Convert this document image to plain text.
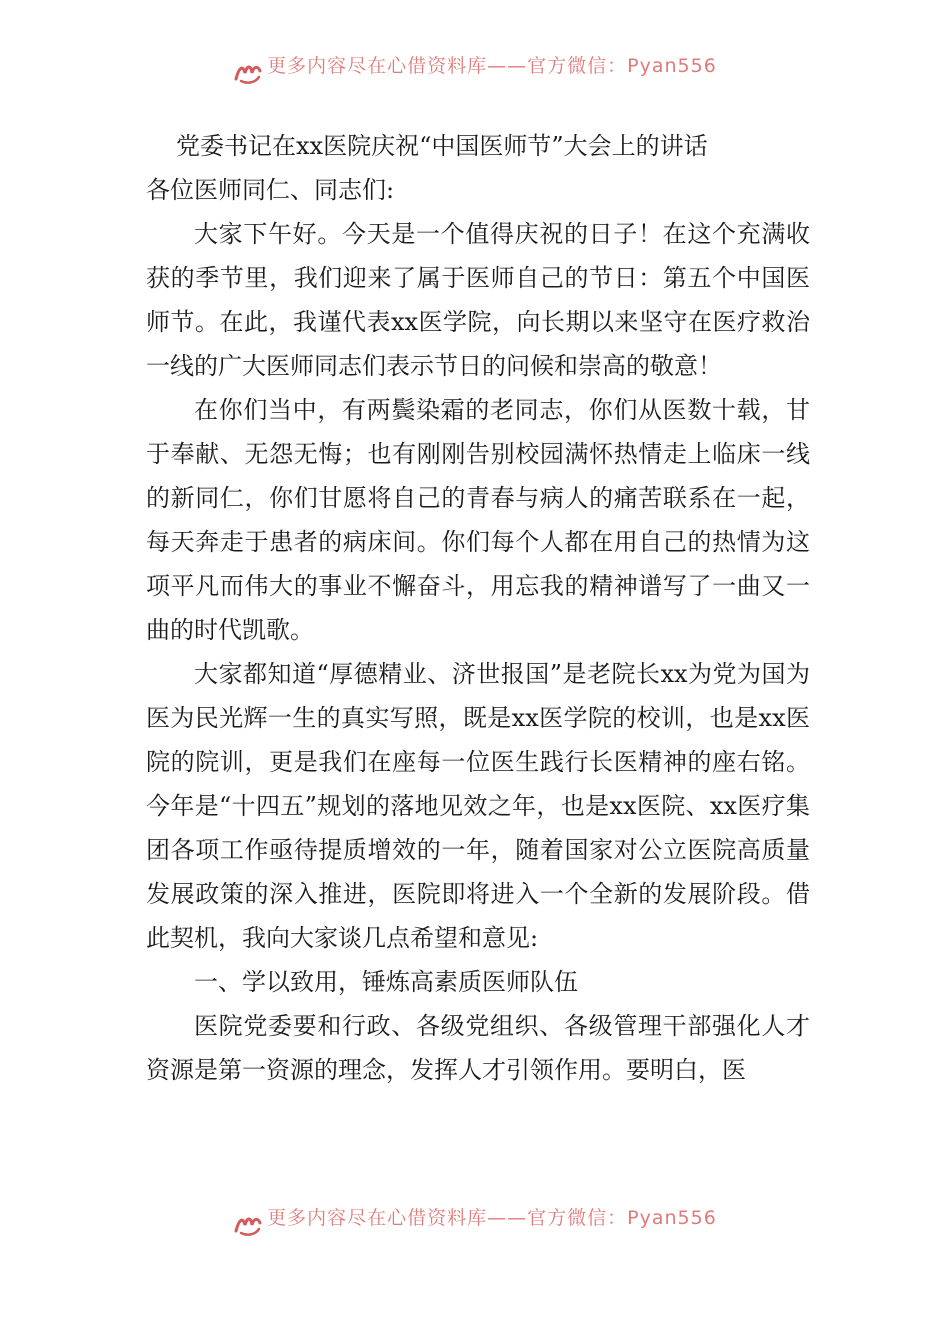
更多内容尽在心借资料库——官方微信：Pyan556

党委书记在xx医院庆祝“中国医师节”大会上的讲话

各位医师同仁、同志们:

大家下午好。今天是一个值得庆祝的日子！在这个充满收获的季节里，我们迎来了属于医师自己的节日：第五个中国医师节。在此，我谨代表xx医学院，向长期以来坚守在医疗救治一线的广大医师同志们表示节日的问候和崇高的敬意！

在你们当中，有两鬓染霜的老同志，你们从医数十载，甘于奉献、无怨无悔；也有刚刚告别校园满怀热情走上临床一线的新同仁，你们甘愿将自己的青春与病人的痛苦联系在一起，每天奔走于患者的病床间。你们每个人都在用自己的热情为这项平凡而伟大的事业不懈奋斗，用忘我的精神谱写了一曲又一曲的时代凯歌。

大家都知道“厚德精业、济世报国”是老院长xx为党为国为医为民光辉一生的真实写照，既是xx医学院的校训，也是xx医院的院训，更是我们在座每一位医生践行长医精神的座右铭。今年是“十四五”规划的落地见效之年，也是xx医院、xx医疗集团各项工作亟待提质增效的一年，随着国家对公立医院高质量发展政策的深入推进，医院即将进入一个全新的发展阶段。借此契机，我向大家谈几点希望和意见:

一、学以致用，锤炼高素质医师队伍

医院党委要和行政、各级党组织、各级管理干部强化人才资源是第一资源的理念，发挥人才引领作用。要明白，医

更多内容尽在心借资料库——官方微信：Pyan556
